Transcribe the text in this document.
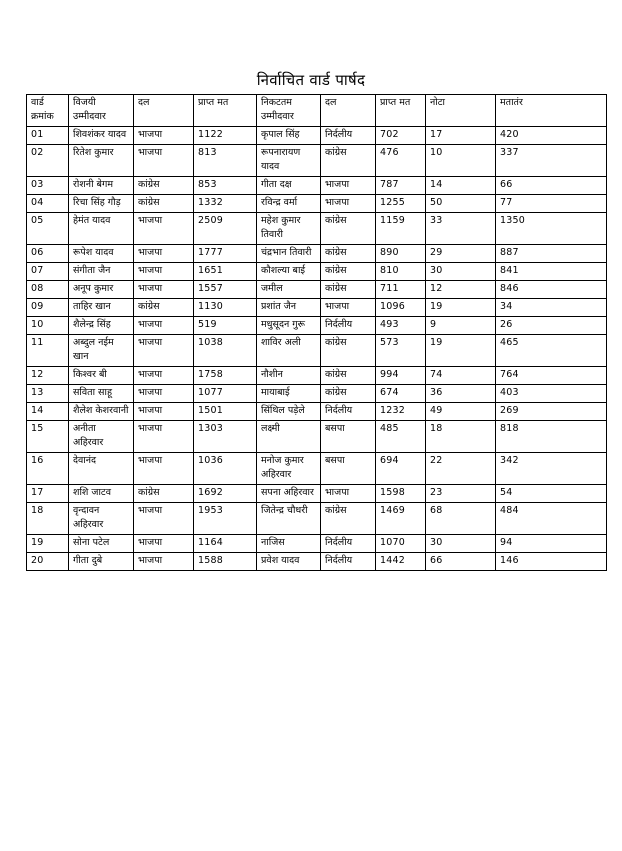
निर्वाचित वार्ड पार्षद
वार्ड क्रमांक	विजयी उम्मीदवार	दल	प्राप्त मत	निकटतम उम्मीदवार	दल	प्राप्त मत	नोटा	मतातंर
01	शिवशंकर यादव	भाजपा	1122	कृपाल सिंह	निर्दलीय	702	17	420
02	रितेश कुमार	भाजपा	813	रूपनारायण यादव	कांग्रेस	476	10	337
03	रोशनी बेगम	कांग्रेस	853	गीता दक्ष	भाजपा	787	14	66
04	रिचा सिंह गौड़	कांग्रेस	1332	रविन्द्र वर्मा	भाजपा	1255	50	77
05	हेमंत यादव	भाजपा	2509	महेश कुमार तिवारी	कांग्रेस	1159	33	1350
06	रूपेश यादव	भाजपा	1777	चंद्रभान तिवारी	कांग्रेस	890	29	887
07	संगीता जैन	भाजपा	1651	कौशल्या बाई	कांग्रेस	810	30	841
08	अनूप कुमार	भाजपा	1557	जमील	कांग्रेस	711	12	846
09	ताहिर खान	कांग्रेस	1130	प्रशांत जैन	भाजपा	1096	19	34
10	शैलेन्द्र सिंह	भाजपा	519	मधुसूदन गुरू	निर्दलीय	493	9	26
11	अब्दुल नईम खान	भाजपा	1038	शाविर अली	कांग्रेस	573	19	465
12	किश्वर बी	भाजपा	1758	नौशीन	कांग्रेस	994	74	764
13	सविता साहू	भाजपा	1077	मायाबाई	कांग्रेस	674	36	403
14	शैलेश केशरवानी	भाजपा	1501	सिंथिल पड़ेले	निर्दलीय	1232	49	269
15	अनीता अहिरवार	भाजपा	1303	लक्ष्मी	बसपा	485	18	818
16	देवानंद	भाजपा	1036	मनोज कुमार अहिरवार	बसपा	694	22	342
17	शशि जाटव	कांग्रेस	1692	सपना अहिरवार	भाजपा	1598	23	54
18	वृन्दावन अहिरवार	भाजपा	1953	जितेन्द्र चौधरी	कांग्रेस	1469	68	484
19	सोना पटेल	भाजपा	1164	नाजिस	निर्दलीय	1070	30	94
20	गीता दुबे	भाजपा	1588	प्रवेश यादव	निर्दलीय	1442	66	146
